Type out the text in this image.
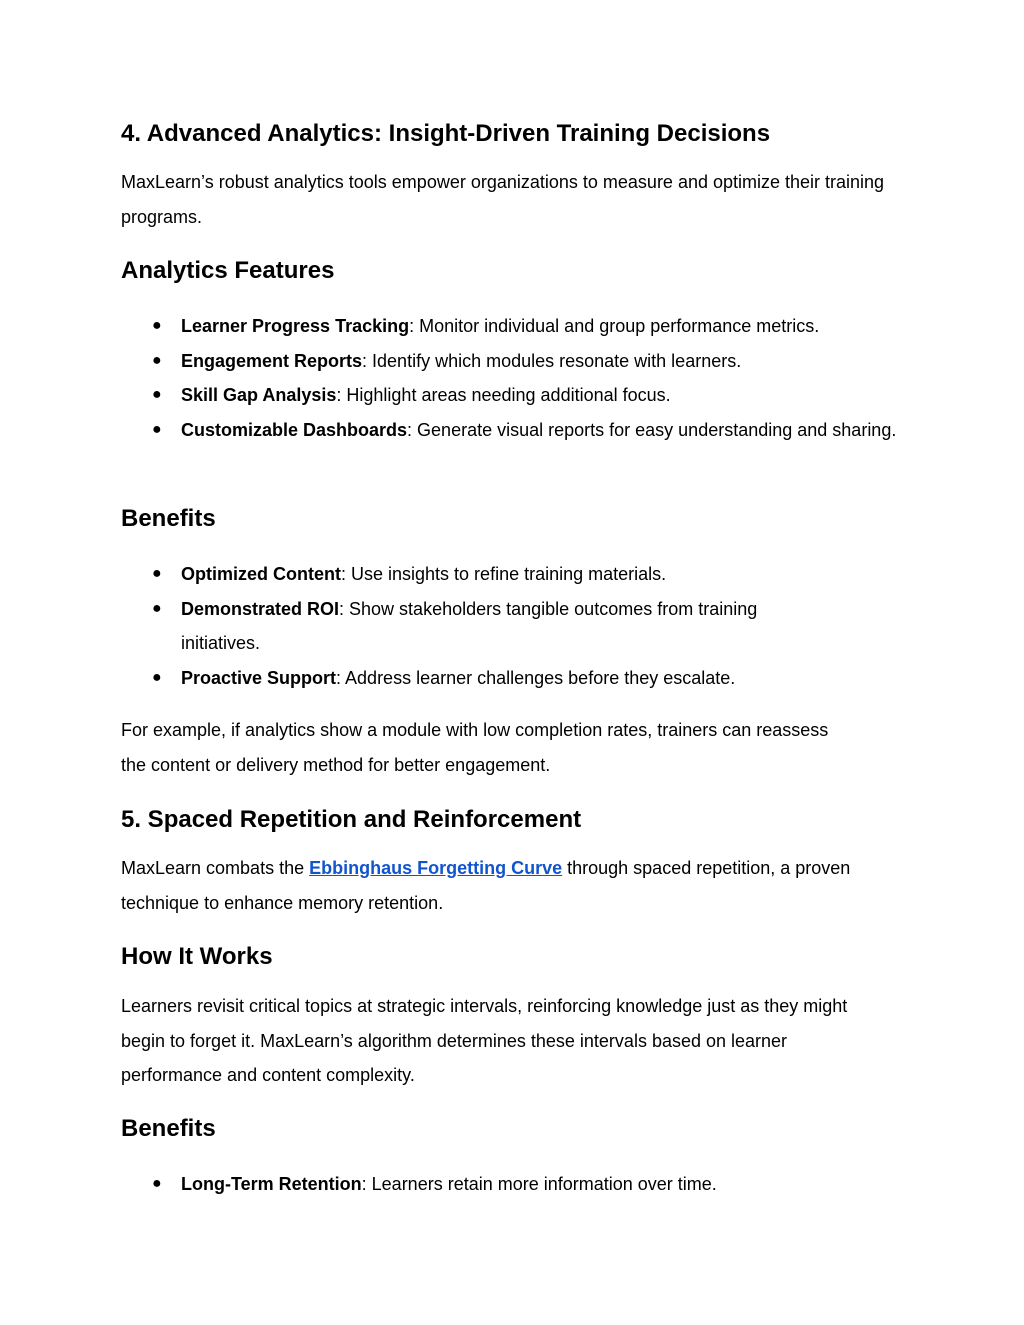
4. Advanced Analytics: Insight-Driven Training Decisions

MaxLearn’s robust analytics tools empower organizations to measure and optimize their training programs.

Analytics Features
● Learner Progress Tracking: Monitor individual and group performance metrics.
● Engagement Reports: Identify which modules resonate with learners.
● Skill Gap Analysis: Highlight areas needing additional focus.
● Customizable Dashboards: Generate visual reports for easy understanding and sharing.
Benefits
● Optimized Content: Use insights to refine training materials.
● Demonstrated ROI: Show stakeholders tangible outcomes from training initiatives.
● Proactive Support: Address learner challenges before they escalate.

For example, if analytics show a module with low completion rates, trainers can reassess the content or delivery method for better engagement.

5. Spaced Repetition and Reinforcement

MaxLearn combats the Ebbinghaus Forgetting Curve through spaced repetition, a proven technique to enhance memory retention.

How It Works

Learners revisit critical topics at strategic intervals, reinforcing knowledge just as they might begin to forget it. MaxLearn’s algorithm determines these intervals based on learner performance and content complexity.

Benefits
● Long-Term Retention: Learners retain more information over time.
